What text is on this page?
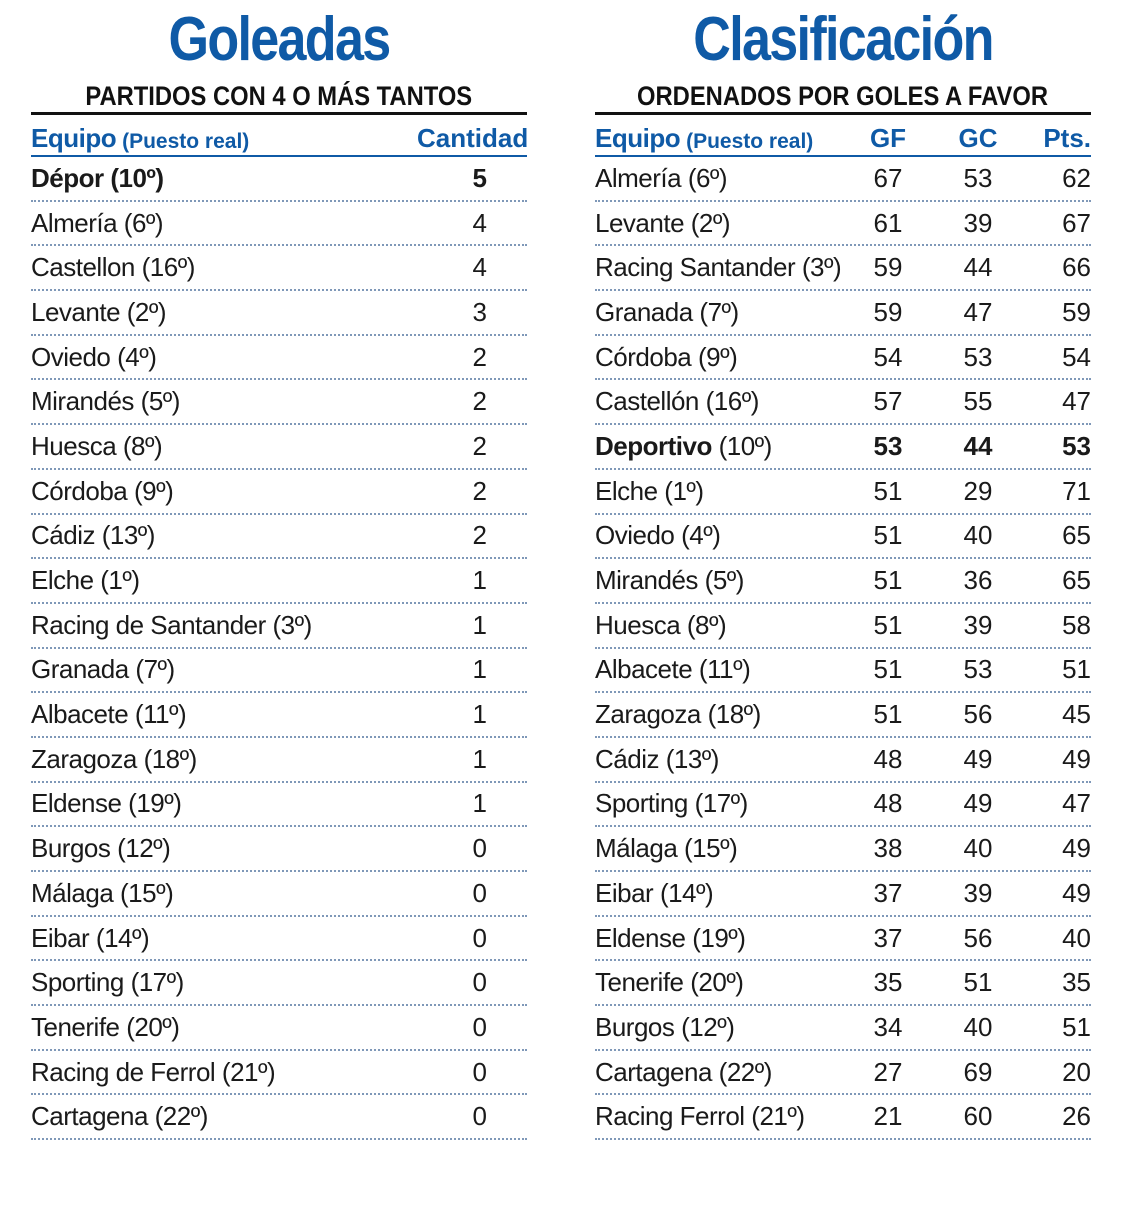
Goleadas
PARTIDOS CON 4 O MÁS TANTOS
Equipo (Puesto real)	Cantidad
Dépor (10º)	5
Almería (6º)	4
Castellon (16º)	4
Levante (2º)	3
Oviedo (4º)	2
Mirandés (5º)	2
Huesca (8º)	2
Córdoba (9º)	2
Cádiz (13º)	2
Elche (1º)	1
Racing de Santander (3º)	1
Granada (7º)	1
Albacete (11º)	1
Zaragoza (18º)	1
Eldense (19º)	1
Burgos (12º)	0
Málaga (15º)	0
Eibar (14º)	0
Sporting (17º)	0
Tenerife (20º)	0
Racing de Ferrol (21º)	0
Cartagena (22º)	0
Clasificación
ORDENADOS POR GOLES A FAVOR
Equipo (Puesto real)	GF	GC	Pts.
Almería (6º)	67	53	62
Levante (2º)	61	39	67
Racing Santander (3º)	59	44	66
Granada (7º)	59	47	59
Córdoba (9º)	54	53	54
Castellón (16º)	57	55	47
Deportivo (10º)	53	44	53
Elche (1º)	51	29	71
Oviedo (4º)	51	40	65
Mirandés (5º)	51	36	65
Huesca (8º)	51	39	58
Albacete (11º)	51	53	51
Zaragoza (18º)	51	56	45
Cádiz (13º)	48	49	49
Sporting (17º)	48	49	47
Málaga (15º)	38	40	49
Eibar (14º)	37	39	49
Eldense (19º)	37	56	40
Tenerife (20º)	35	51	35
Burgos (12º)	34	40	51
Cartagena (22º)	27	69	20
Racing Ferrol (21º)	21	60	26
